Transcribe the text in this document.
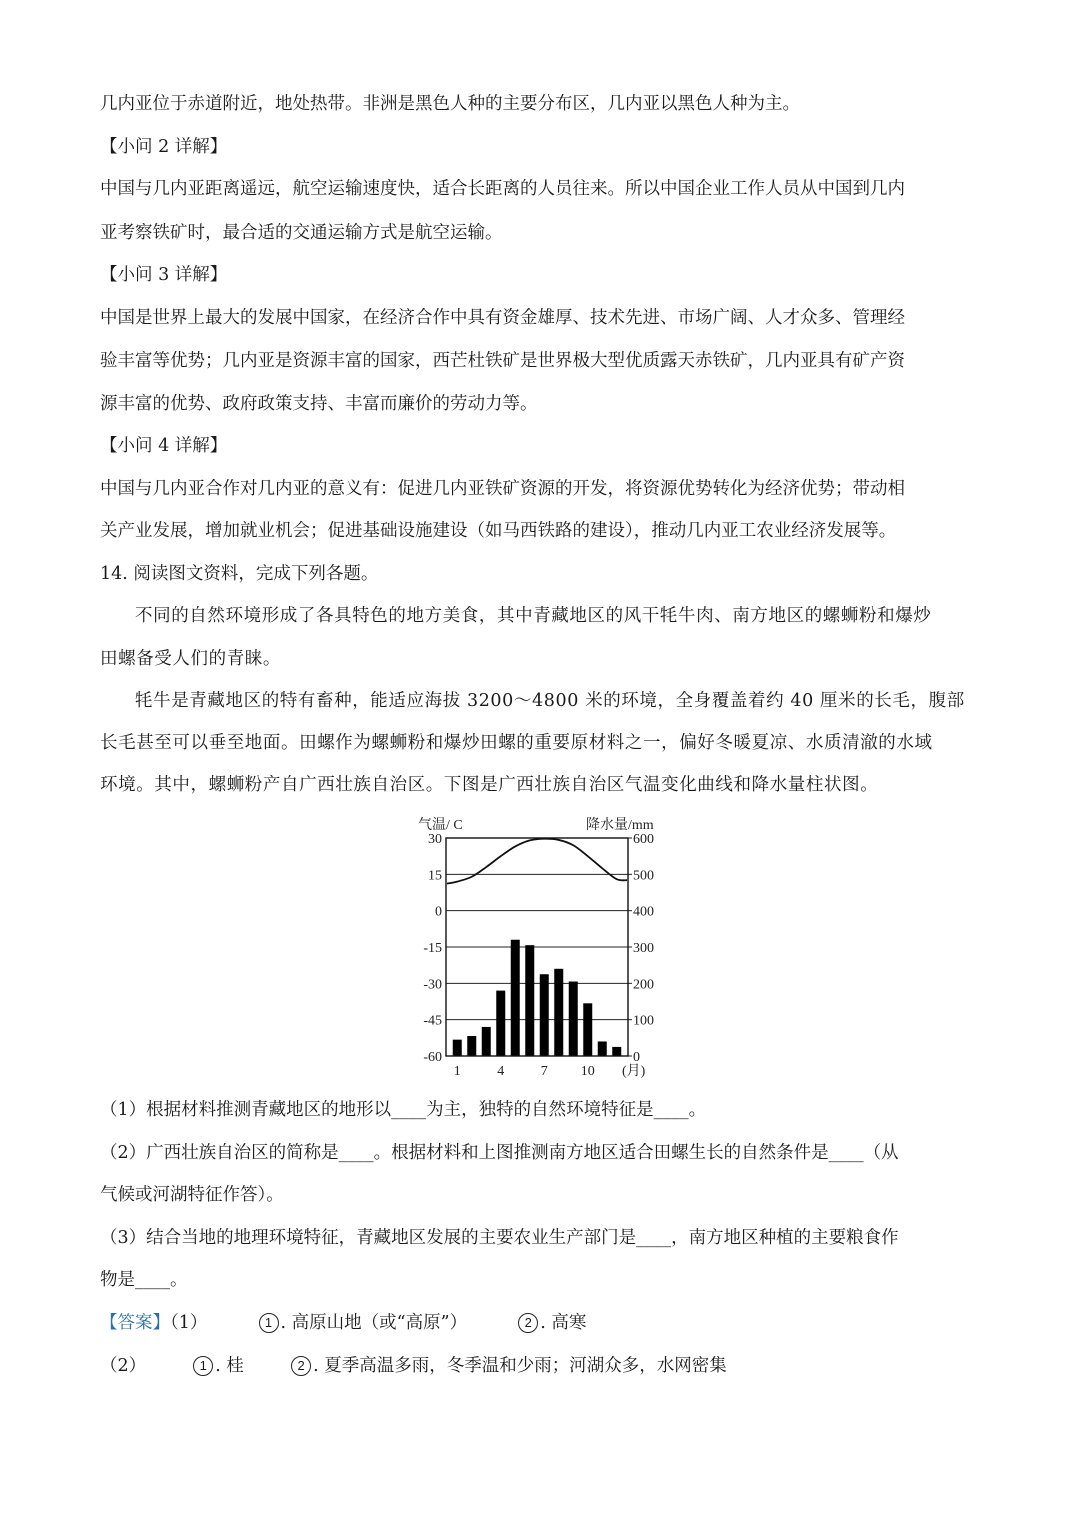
几内亚位于赤道附近，地处热带。非洲是黑色人种的主要分布区，几内亚以黑色人种为主。
【小问 2 详解】
中国与几内亚距离遥远，航空运输速度快，适合长距离的人员往来。所以中国企业工作人员从中国到几内
亚考察铁矿时，最合适的交通运输方式是航空运输。
【小问 3 详解】
中国是世界上最大的发展中国家，在经济合作中具有资金雄厚、技术先进、市场广阔、人才众多、管理经
验丰富等优势；几内亚是资源丰富的国家，西芒杜铁矿是世界极大型优质露天赤铁矿，几内亚具有矿产资
源丰富的优势、政府政策支持、丰富而廉价的劳动力等。
【小问 4 详解】
中国与几内亚合作对几内亚的意义有：促进几内亚铁矿资源的开发，将资源优势转化为经济优势；带动相
关产业发展，增加就业机会；促进基础设施建设（如马西铁路的建设），推动几内亚工农业经济发展等。
14. 阅读图文资料，完成下列各题。
不同的自然环境形成了各具特色的地方美食，其中青藏地区的风干牦牛肉、南方地区的螺蛳粉和爆炒
田螺备受人们的青睐。
牦牛是青藏地区的特有畜种，能适应海拔 3200～4800 米的环境，全身覆盖着约 40 厘米的长毛，腹部
长毛甚至可以垂至地面。田螺作为螺蛳粉和爆炒田螺的重要原材料之一，偏好冬暖夏凉、水质清澈的水域
环境。其中，螺蛳粉产自广西壮族自治区。下图是广西壮族自治区气温变化曲线和降水量柱状图。
气温/ C	降水量/mm
30
15
0
-15
-30
-45
-60
600
500
400
300
200
100
0
1	4	7 10 (月)
（1）根据材料推测青藏地区的地形以____为主，独特的自然环境特征是____。
（2）广西壮族自治区的简称是____。根据材料和上图推测南方地区适合田螺生长的自然条件是____（从
气候或河湖特征作答）。
（3）结合当地的地理环境特征，青藏地区发展的主要农业生产部门是____，南方地区种植的主要粮食作
物是____。
【答案】（1）	1 . 高原山地（或“高原”）	2 . 高寒
（2）	1 . 桂	2 . 夏季高温多雨，冬季温和少雨；河湖众多，水网密集
